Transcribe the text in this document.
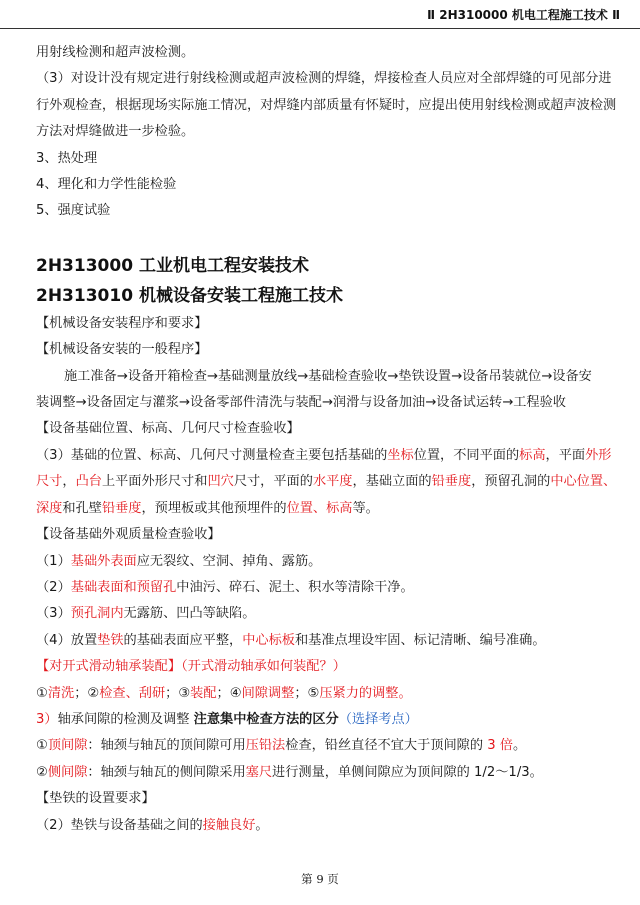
Ⅱ 2H310000 机电工程施工技术 Ⅱ

用射线检测和超声波检测。

（3）对设计没有规定进行射线检测或超声波检测的焊缝，焊接检查人员应对全部焊缝的可见部分进

行外观检查，根据现场实际施工情况，对焊缝内部质量有怀疑时，应提出使用射线检测或超声波检测

方法对焊缝做进一步检验。

3、热处理

4、理化和力学性能检验

5、强度试验

2H313000 工业机电工程安装技术

2H313010 机械设备安装工程施工技术

【机械设备安装程序和要求】

【机械设备安装的一般程序】

施工准备→设备开箱检查→基础测量放线→基础检查验收→垫铁设置→设备吊装就位→设备安

装调整→设备固定与灌浆→设备零部件清洗与装配→润滑与设备加油→设备试运转→工程验收

【设备基础位置、标高、几何尺寸检查验收】

（3）基础的位置、标高、几何尺寸测量检查主要包括基础的坐标位置，不同平面的标高，平面外形

尺寸，凸台上平面外形尺寸和凹穴尺寸，平面的水平度，基础立面的铅垂度，预留孔洞的中心位置、

深度和孔壁铅垂度，预埋板或其他预埋件的位置、标高等。

【设备基础外观质量检查验收】

（1）基础外表面应无裂纹、空洞、掉角、露筋。

（2）基础表面和预留孔中油污、碎石、泥土、积水等清除干净。

（3）预孔洞内无露筋、凹凸等缺陷。

（4）放置垫铁的基础表面应平整，中心标板和基准点埋设牢固、标记清晰、编号准确。

【对开式滑动轴承装配】（开式滑动轴承如何装配？）

①清洗；②检查、刮研；③装配；④间隙调整；⑤压紧力的调整。

3）轴承间隙的检测及调整 注意集中检查方法的区分（选择考点）

①顶间隙：轴颈与轴瓦的顶间隙可用压铅法检查，铅丝直径不宜大于顶间隙的 3 倍。

②侧间隙：轴颈与轴瓦的侧间隙采用塞尺进行测量，单侧间隙应为顶间隙的 1/2～1/3。

【垫铁的设置要求】

（2）垫铁与设备基础之间的接触良好。

第 9 页
